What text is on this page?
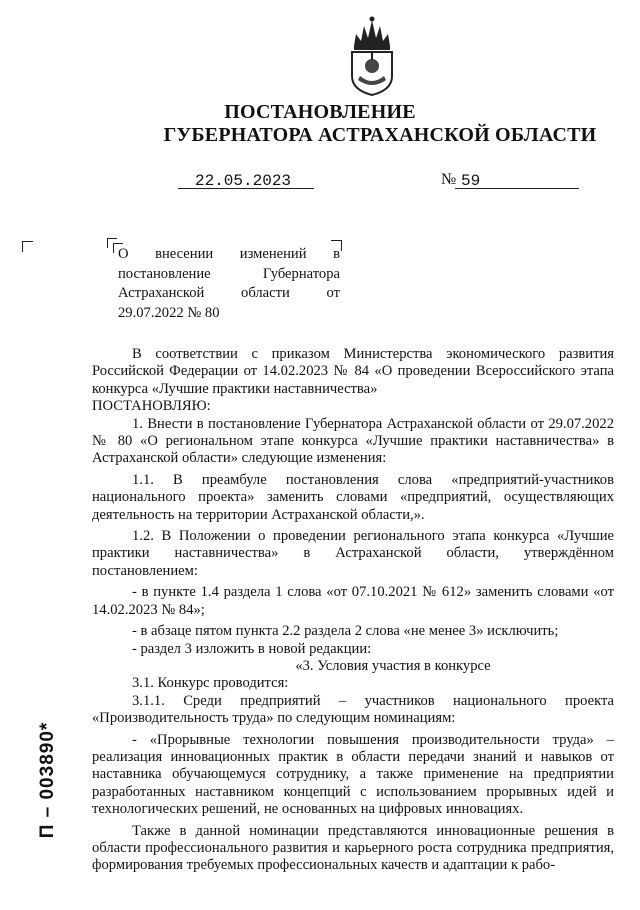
ПОСТАНОВЛЕНИЕ
ГУБЕРНАТОРА АСТРАХАНСКОЙ ОБЛАСТИ
22.05.2023	№ 59
О внесении изменений в постановление Губернатора Астраханской области от 29.07.2022 № 80

В соответствии с приказом Министерства экономического развития Российской Федерации от 14.02.2023 № 84 «О проведении Всероссийского этапа конкурса «Лучшие практики наставничества»

ПОСТАНОВЛЯЮ:

1. Внести в постановление Губернатора Астраханской области от 29.07.2022 № 80 «О региональном этапе конкурса «Лучшие практики наставничества» в Астраханской области» следующие изменения:

1.1. В преамбуле постановления слова «предприятий-участников национального проекта» заменить словами «предприятий, осуществляющих деятельность на территории Астраханской области,».

1.2. В Положении о проведении регионального этапа конкурса «Лучшие практики наставничества» в Астраханской области, утверждённом постановлением:

- в пункте 1.4 раздела 1 слова «от 07.10.2021 № 612» заменить словами «от 14.02.2023 № 84»;

- в абзаце пятом пункта 2.2 раздела 2 слова «не менее 3» исключить;

- раздел 3 изложить в новой редакции:

«3. Условия участия в конкурсе

3.1. Конкурс проводится:

3.1.1. Среди предприятий – участников национального проекта «Производительность труда» по следующим номинациям:

- «Прорывные технологии повышения производительности труда» – реализация инновационных практик в области передачи знаний и навыков от наставника обучающемуся сотруднику, а также применение на предприятии разработанных наставником концепций с использованием прорывных идей и технологических решений, не основанных на цифровых инновациях.

Также в данной номинации представляются инновационные решения в области профессионального развития и карьерного роста сотрудника предприятия, формирования требуемых профессиональных качеств и адаптации к рабо-

П – 003890*
